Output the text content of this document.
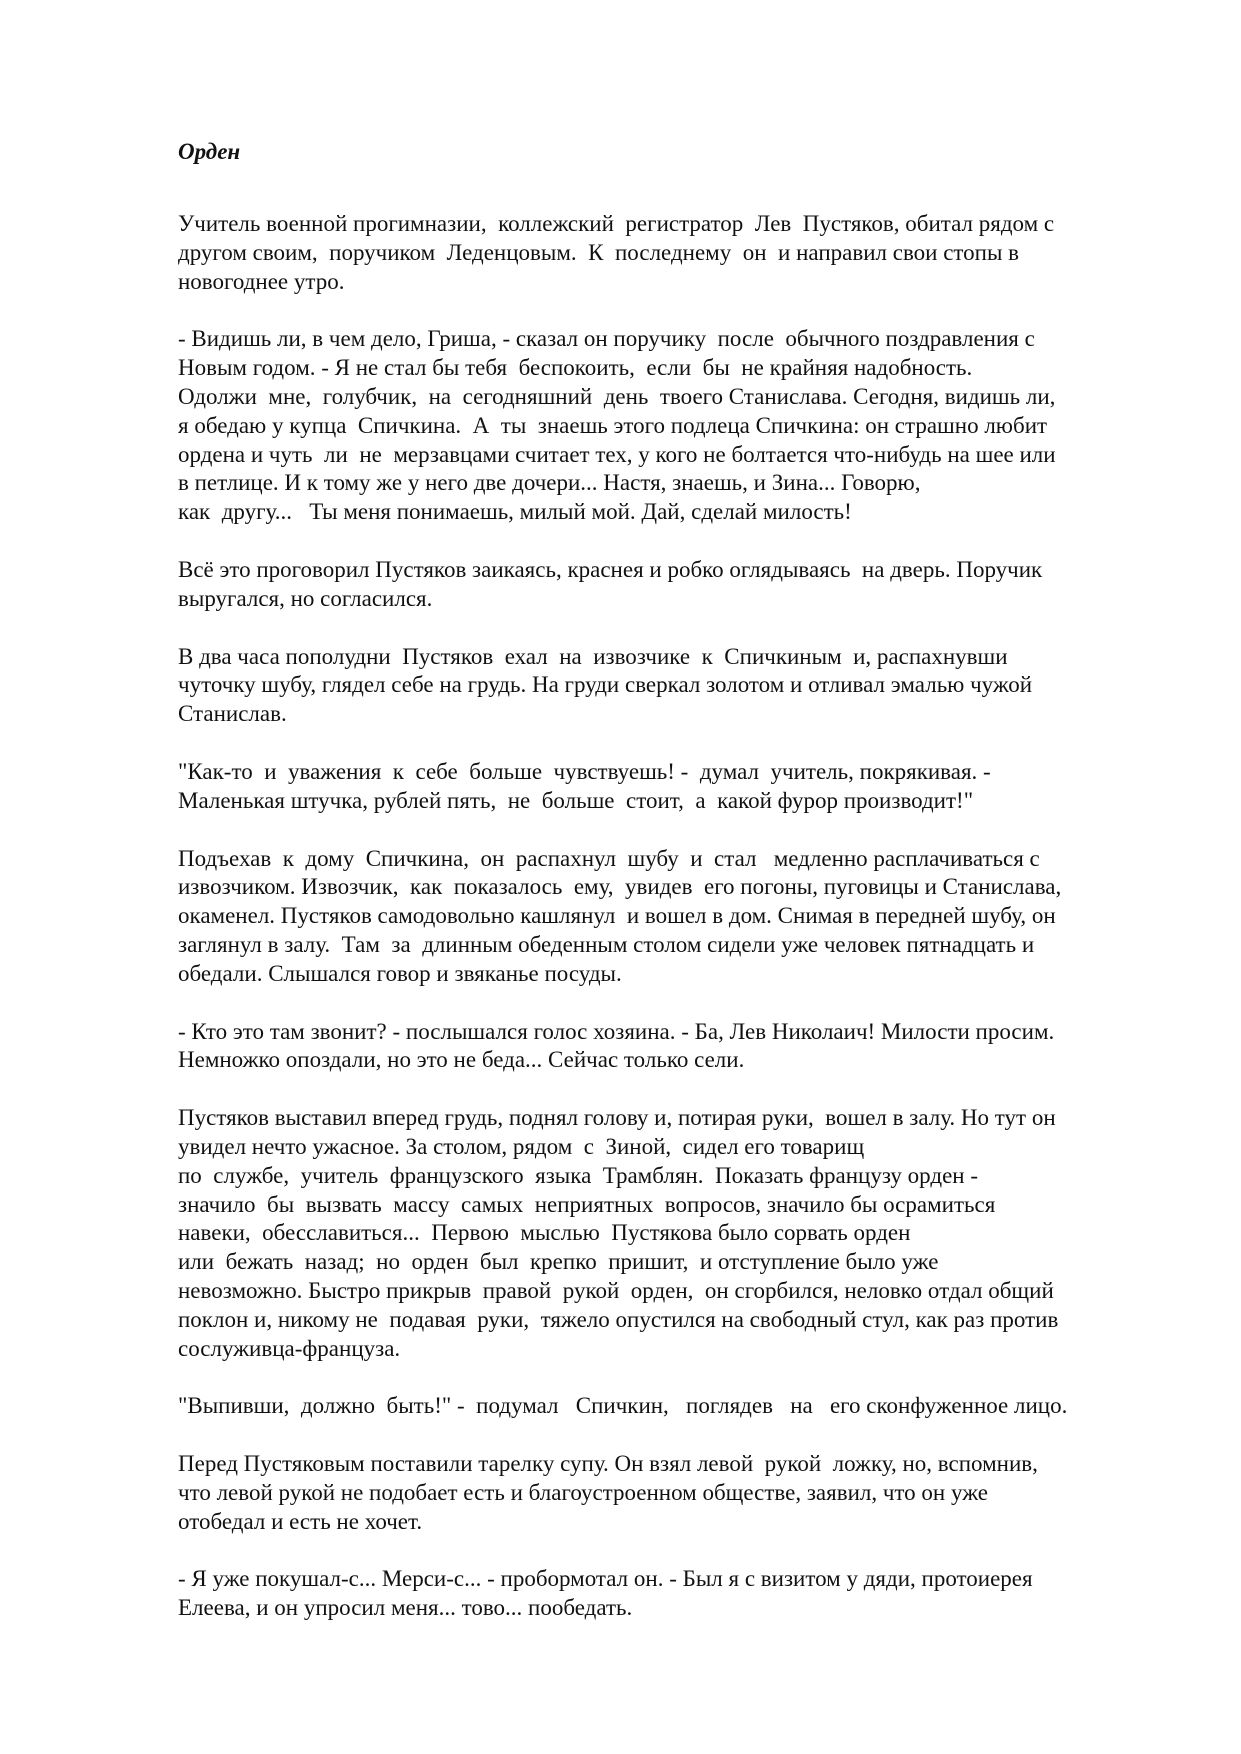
Орден
Учитель военной прогимназии,  коллежский  регистратор  Лев  Пустяков, обитал рядом с
другом своим,  поручиком  Леденцовым.  К  последнему  он  и направил свои стопы в
новогоднее утро.
- Видишь ли, в чем дело, Гриша, - сказал он поручику  после  обычного поздравления с
Новым годом. - Я не стал бы тебя  беспокоить,  если  бы  не крайняя надобность.
Одолжи  мне,  голубчик,  на  сегодняшний  день  твоего Станислава. Сегодня, видишь ли,
я обедаю у купца  Спичкина.  А  ты  знаешь этого подлеца Спичкина: он страшно любит
ордена и чуть  ли  не  мерзавцами считает тех, у кого не болтается что-нибудь на шее или
в петлице. И к тому же у него две дочери... Настя, знаешь, и Зина... Говорю,
как  другу...   Ты меня понимаешь, милый мой. Дай, сделай милость!
Всё это проговорил Пустяков заикаясь, краснея и робко оглядываясь  на дверь. Поручик
выругался, но согласился.
В два часа пополудни  Пустяков  ехал  на  извозчике  к  Спичкиным  и, распахнувши
чуточку шубу, глядел себе на грудь. На груди сверкал золотом и отливал эмалью чужой
Станислав.
"Как-то  и  уважения  к  себе  больше  чувствуешь! -  думал  учитель, покрякивая. -
Маленькая штучка, рублей пять,  не  больше  стоит,  а  какой фурор производит!"
Подъехав  к  дому  Спичкина,  он  распахнул  шубу  и  стал   медленно расплачиваться с
извозчиком. Извозчик,  как  показалось  ему,  увидев  его погоны, пуговицы и Станислава,
окаменел. Пустяков самодовольно кашлянул  и вошел в дом. Снимая в передней шубу, он
заглянул в залу.  Там  за  длинным обеденным столом сидели уже человек пятнадцать и
обедали. Слышался говор и звяканье посуды.
- Кто это там звонит? - послышался голос хозяина. - Ба, Лев Николаич! Милости просим.
Немножко опоздали, но это не беда... Сейчас только сели.
Пустяков выставил вперед грудь, поднял голову и, потирая руки,  вошел в залу. Но тут он
увидел нечто ужасное. За столом, рядом  с  Зиной,  сидел его товарищ
по  службе,  учитель  французского  языка  Трамблян.  Показать французу орден -
значило  бы  вызвать  массу  самых  неприятных  вопросов, значило бы осрамиться
навеки,  обесславиться...  Первою  мыслью  Пустякова было сорвать орден
или  бежать  назад;  но  орден  был  крепко  пришит,  и отступление было уже
невозможно. Быстро прикрыв  правой  рукой  орден,  он сгорбился, неловко отдал общий
поклон и, никому не  подавая  руки,  тяжело опустился на свободный стул, как раз против
сослуживца-француза.
"Выпивши,  должно  быть!" -  подумал   Спичкин,   поглядев   на   его сконфуженное лицо.
Перед Пустяковым поставили тарелку супу. Он взял левой  рукой  ложку, но, вспомнив,
что левой рукой не подобает есть и благоустроенном обществе, заявил, что он уже
отобедал и есть не хочет.
- Я уже покушал-с... Мерси-с... - пробормотал он. - Был я с визитом у дяди, протоиерея
Елеева, и он упросил меня... тово... пообедать.
